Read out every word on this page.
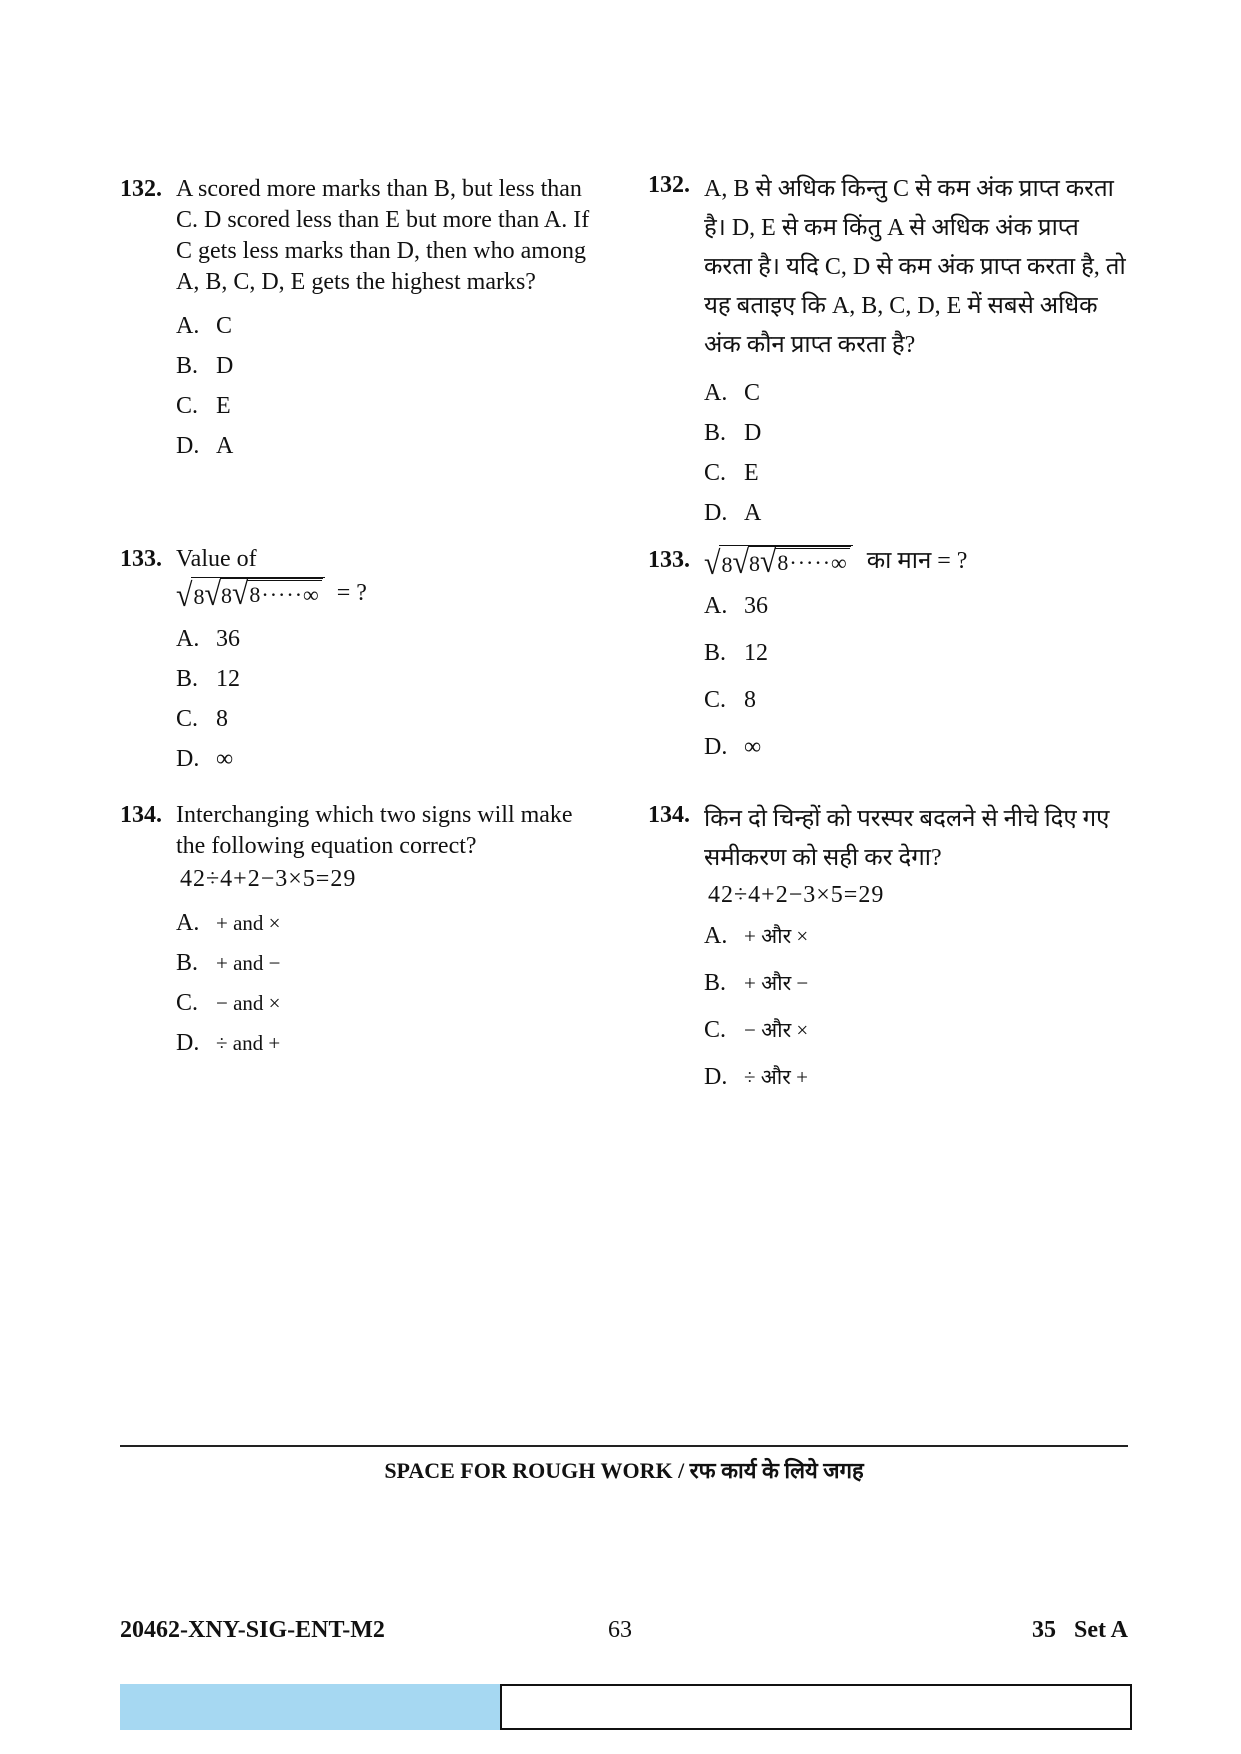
132. A scored more marks than B, but less than C. D scored less than E but more than A. If C gets less marks than D, then who among A, B, C, D, E gets the highest marks?
A. C
B. D
C. E
D. A
133. Value of
√ 8 √ 8 √ 8·····∞ = ?
A. 36
B. 12
C. 8
D. ∞
134. Interchanging which two signs will make the following equation correct?
42÷4+2−3×5=29
A. + and ×
B. + and −
C. − and ×
D. ÷ and +
132. A, B से अधिक किन्तु C से कम अंक प्राप्त करता है। D, E से कम किंतु A से अधिक अंक प्राप्त करता है। यदि C, D से कम अंक प्राप्त करता है, तो यह बताइए कि A, B, C, D, E में सबसे अधिक अंक कौन प्राप्त करता है?
A. C
B. D
C. E
D. A
133. √ 8 √ 8 √ 8·····∞ का मान = ?
A. 36
B. 12
C. 8
D. ∞
134. किन दो चिन्हों को परस्पर बदलने से नीचे दिए गए समीकरण को सही कर देगा?
42÷4+2−3×5=29
A. + और ×
B. + और −
C. − और ×
D. ÷ और +
SPACE FOR ROUGH WORK / रफ कार्य के लिये जगह
20462-XNY-SIG-ENT-M2	63	35   Set A
